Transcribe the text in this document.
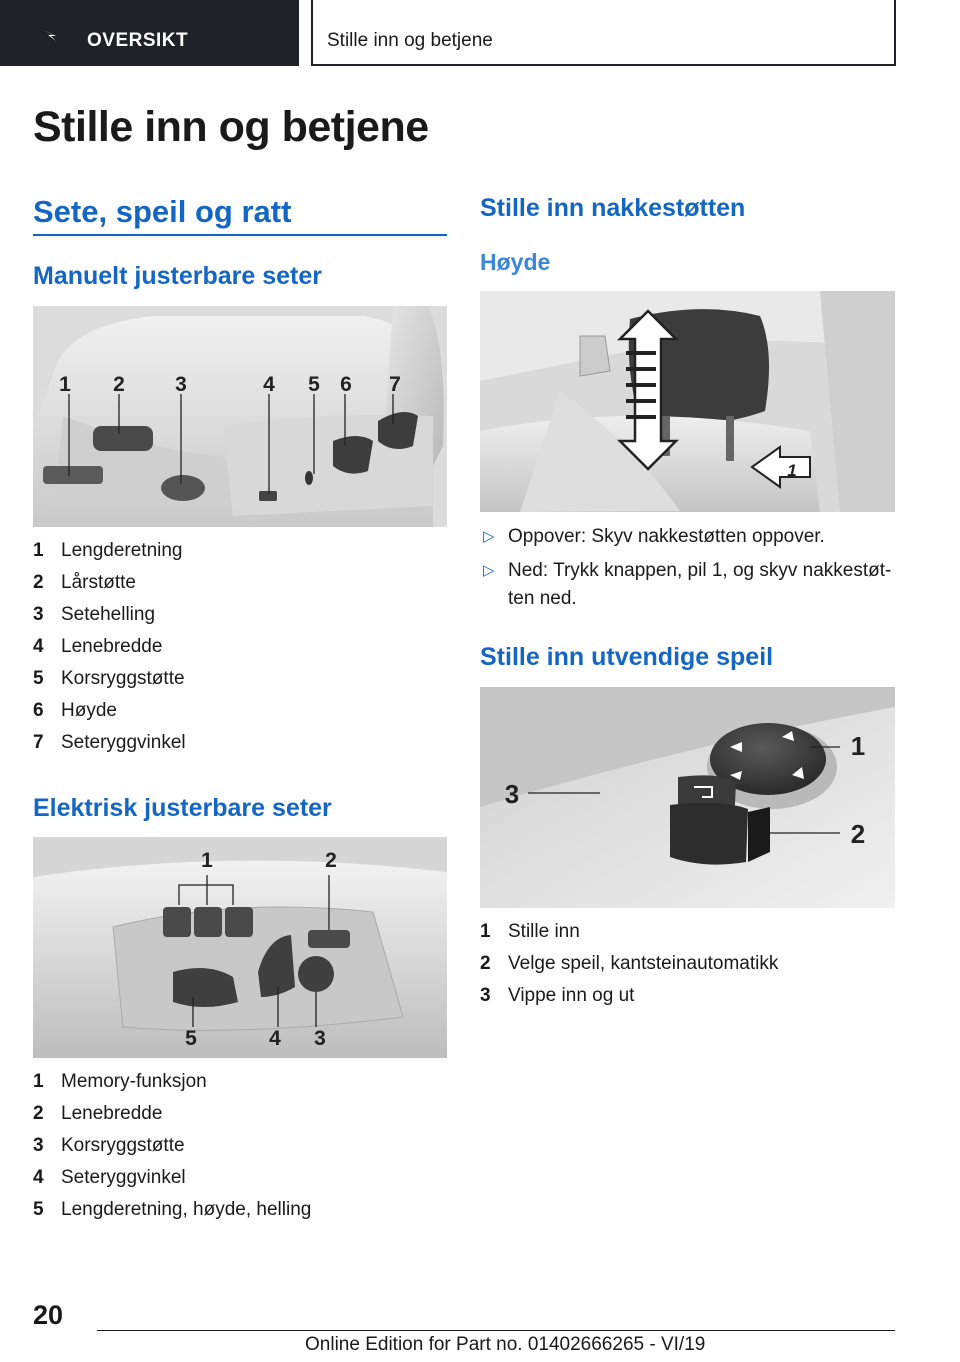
OVERSIKT	Stille inn og betjene
Stille inn og betjene
Sete, speil og ratt
Manuelt justerbare seter
1 2 3	4 5 6 7
1 Lengderetning
2 Lårstøtte
3 Setehelling
4 Lenebredde
5 Korsryggstøtte
6 Høyde
7 Seteryggvinkel
Elektrisk justerbare seter
1	2
5	4 3
1 Memory-funksjon
2 Lenebredde
3 Korsryggstøtte
4 Seteryggvinkel
5 Lengderetning, høyde, helling
Stille inn nakkestøtten
Høyde
1
▷ Oppover: Skyv nakkestøtten oppover.
▷ Ned: Trykk knappen, pil 1, og skyv nakkestøt-ten ned.
Stille inn utvendige speil
1
2
3
1 Stille inn
2 Velge speil, kantsteinautomatikk
3 Vippe inn og ut
20
Online Edition for Part no. 01402666265 - VI/19
